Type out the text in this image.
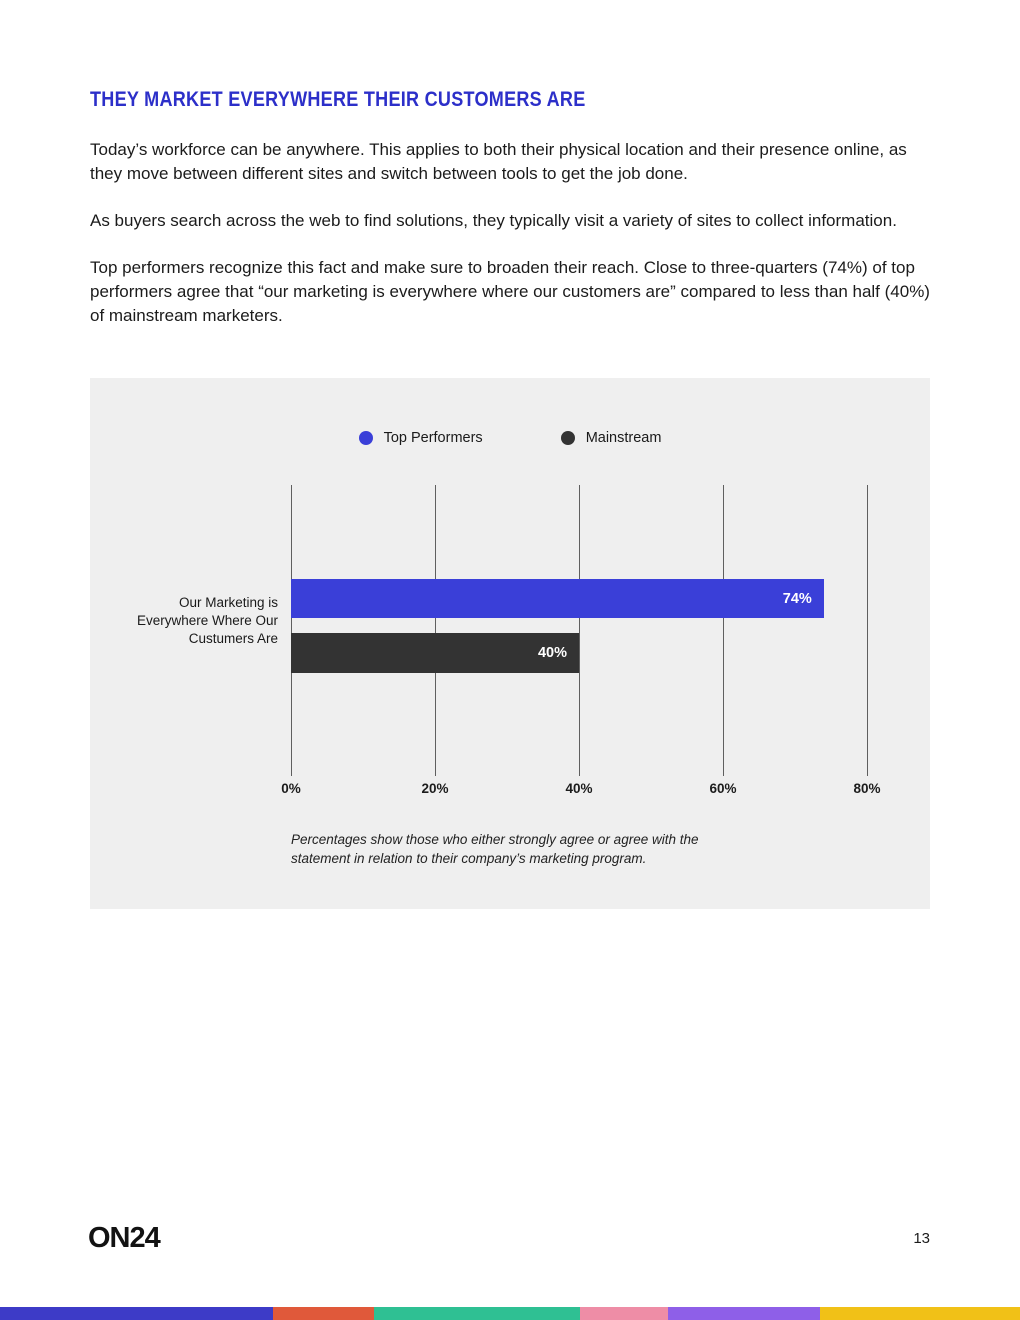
THEY MARKET EVERYWHERE THEIR CUSTOMERS ARE

Today’s workforce can be anywhere. This applies to both their physical location and their presence online, as they move between different sites and switch between tools to get the job done.

As buyers search across the web to find solutions, they typically visit a variety of sites to collect information.

Top performers recognize this fact and make sure to broaden their reach. Close to three-quarters (74%) of top performers agree that “our marketing is everywhere where our customers are” compared to less than half (40%) of mainstream marketers.

Top Performers	Mainstream
Our Marketing is
Everywhere Where Our
Custumers Are
74%
40%
0%	20%	40%	60%	80%

Percentages show those who either strongly agree or agree with the statement in relation to their company’s marketing program.

ON24	13
